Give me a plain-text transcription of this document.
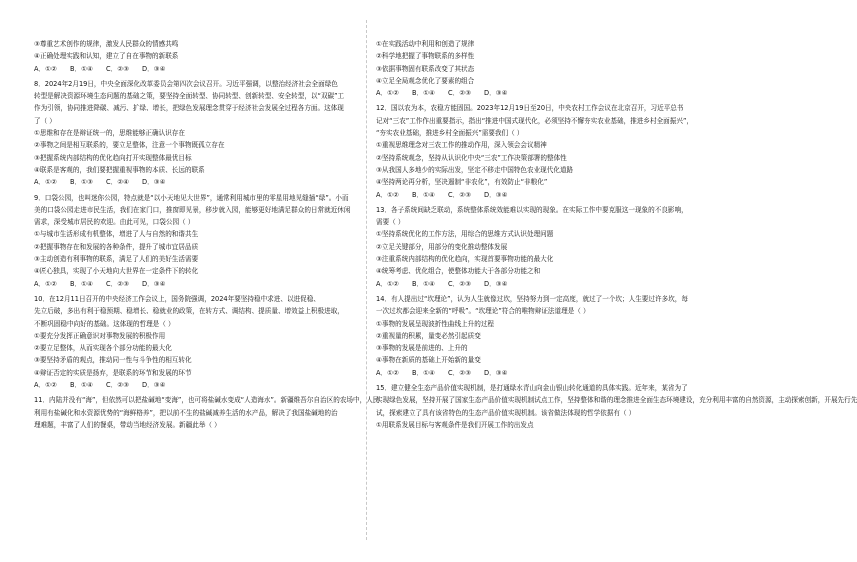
③尊重艺术创作的规律，激发人民群众的情感共鸣
④正确处理实践和认知，建立了自在事物的新联系
A．①②	B．①④	C．②③	D．③④
8．2024年2月19日，中央全面深化改革委员会第四次会议召开。习近平强调，以整治经济社会全面绿色
转型是解决资源环境生态问题的基础之策，要坚持全面转型、协同转型、创新转型、安全转型，以“双碳”工
作为引领，协同推进降碳、减污、扩绿、增长，把绿色发展理念贯穿于经济社会发展全过程各方面。这体现
了（ ）
①思维和存在是辩证统一的，思维能够正确认识存在
②事物之间是相互联系的，要立足整体，注意一个事物既孤立存在
③把握系统内部结构的优化趋向打开实现整体最优目标
④联系是客观的，我们要把握重视事物的本质、长远的联系
A．①②	B．①③	C．②④	D．③④
9．口袋公园，也叫迷你公园，特点就是“以小天地见大世界”，通常利用城市里的零星用地见缝插“绿”。小而
美的口袋公园走进市民生活，我们在家门口，推窗即见景，移步就入园，能够更好地满足群众的日常就近休闲
需求，深受城市居民的欢迎。由此可见，口袋公园（ ）
①与城市生活形成有机整体，增进了人与自然的和谐共生
②把握事物存在和发展的各种条件，提升了城市宜居品质
③主动创造有利事物的联系，满足了人们的美好生活需要
④匠心独具，实现了小天地向大世界在一定条件下的转化
A．①②	B．①④	C．②③	D．③④
10．在12月11日召开的中央经济工作会议上，国务院强调，2024年要坚持稳中求进、以进促稳、
先立后破，多出有利于稳预期、稳增长、稳就业的政策，在转方式、调结构、提质量、增效益上积极进取，
不断巩固稳中向好的基础。这体现的哲理是（ ）
①要充分发挥正确意识对事物发展的积极作用
②要立足整体，从而实现各个部分功能的最大化
③要坚持矛盾的观点，推动同一性与斗争性的相互转化
④辩证否定的实质是扬弃，是联系的环节和发展的环节
A．①②	B．①④	C．②③	D．③④
11．内陆并没有“海”，但依然可以把盐碱地“变海”，也可将盐碱水变成“人造海水”。新疆维吾尔自治区的农场中，人民
利用有盐碱化和水资源优势的“海鲜格养”，把以前不生的盐碱减养生活的水产品，解决了我国盐碱地的治
理难题，丰富了人们的餐桌，带动当地经济发展。新疆此举（ ）
①在实践活动中利用和创造了规律
②科学地把握了事物联系的多样性
③依据事物固有联系改变了其状态
④立足全局观念优化了要素的组合
A．①②	B．①④	C．②③	D．③④
12．国以农为本，农稳方能固国。2023年12月19日至20日，中央农村工作会议在北京召开，习近平总书
记对“三农”工作作出重要指示，指出“推进中国式现代化，必须坚持不懈夯实农业基础，推进乡村全面振兴”，
“夯实农业基础，推进乡村全面振兴”需要我们（ ）
①重视思维理念对三农工作的推动作用，深入领会会议精神
②坚持系统观念，坚持从认识化中央“三农”工作决策部署的整体性
③从我国人多地少的实际出发，坚定不移走中国特色农业现代化道路
④坚持两论再分析，坚决遏制“非农化”，有效防止“非粮化”
A．①②	B．①④	C．②③	D．③④
13．各子系统间缺乏联动，系统整体系统效能难以实现的现象。在实际工作中要克服这一现象的不良影响，
需要（ ）
①坚持系统优化的工作方法，用综合的思维方式认识处理问题
②立足关键部分，用部分的变化推动整体发展
③注重系统内部结构的优化趋向，实现首要事物功能的最大化
④统筹考虑、优化组合，使整体功能大于各部分功能之和
A．①②	B．①④	C．②③	D．③④
14．有人提出过“坎理论”，认为人生就像过坎，坚持努力到一定高度，就过了一个坎；人生要过许多坎，每
一次过坎都会迎来全新的“呼吸”。“坎理论”符合的唯物辩证法道理是（ ）
①事物的发展呈现波折性曲线上升的过程
②重视量的积累，量变必然引起质变
③事物的发展是前进的、上升的
④事物在新质的基础上开始新的量变
A．①②	B．①④	C．②③	D．③④
15．建立健全生态产品价值实现机制，是打通绿水青山向金山银山转化通道的具体实践。近年来，某省为了
实现绿色发展，坚持开展了国家生态产品价值实现机制试点工作，坚持整体和谐的理念推进全面生态环境建设，充分利用丰富的自然资源，主动探索创新，开展先行先
试，探索建立了具有该省特色的生态产品价值实现机制。该省做法体现的哲学依据有（ ）
①用联系发展目标与客观条件是我们开展工作的出发点
